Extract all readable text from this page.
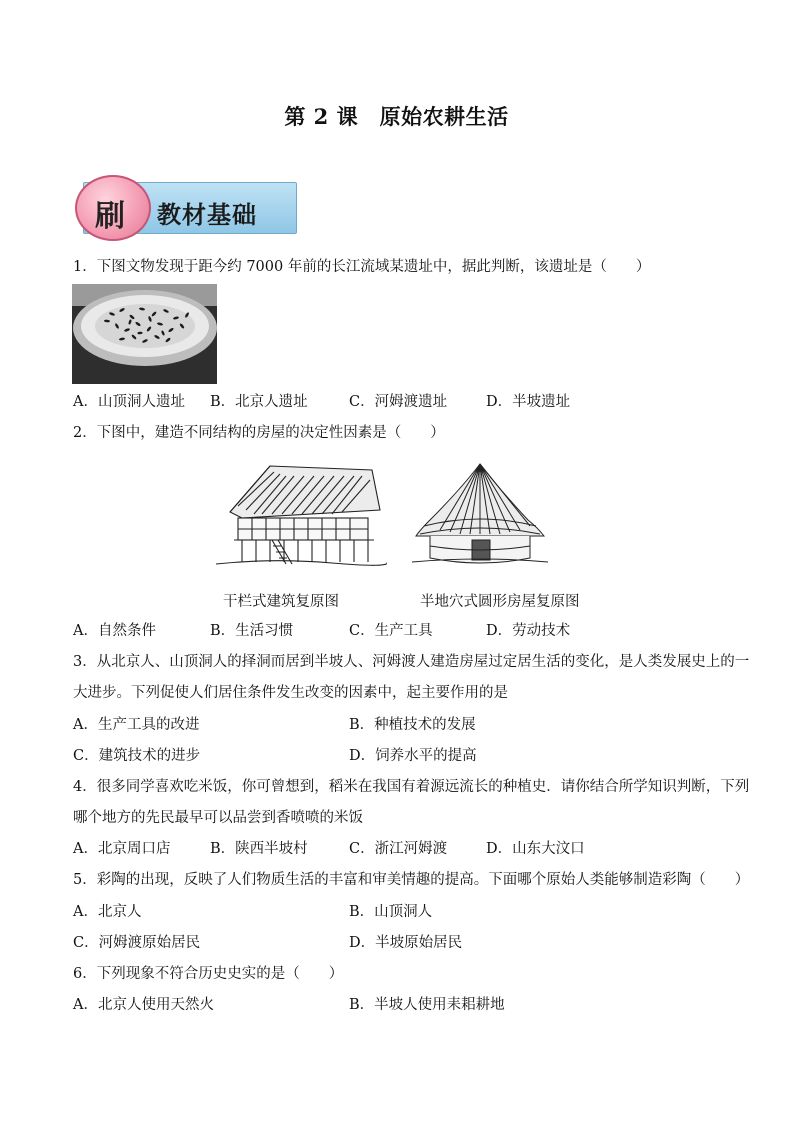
第 2 课　原始农耕生活
刷 教材基础
1．下图文物发现于距今约 7000 年前的长江流域某遗址中，据此判断，该遗址是（　　）
A．山顶洞人遗址 B．北京人遗址	C．河姆渡遗址	D．半坡遗址
2．下图中，建造不同结构的房屋的决定性因素是（　　）
干栏式建筑复原图	半地穴式圆形房屋复原图
A．自然条件	B．生活习惯	C．生产工具	D．劳动技术
3．从北京人、山顶洞人的择洞而居到半坡人、河姆渡人建造房屋过定居生活的变化，是人类发展史上的一
大进步。下列促使人们居住条件发生改变的因素中，起主要作用的是
A．生产工具的改进	B．种植技术的发展
C．建筑技术的进步	D．饲养水平的提高
4．很多同学喜欢吃米饭，你可曾想到，稻米在我国有着源远流长的种植史．请你结合所学知识判断，下列
哪个地方的先民最早可以品尝到香喷喷的米饭
A．北京周口店	B．陕西半坡村	C．浙江河姆渡	D．山东大汶口
5．彩陶的出现，反映了人们物质生活的丰富和审美情趣的提高。下面哪个原始人类能够制造彩陶（　　）
A．北京人	B．山顶洞人
C．河姆渡原始居民	D．半坡原始居民
6．下列现象不符合历史史实的是（　　）
A．北京人使用天然火	B．半坡人使用耒耜耕地
